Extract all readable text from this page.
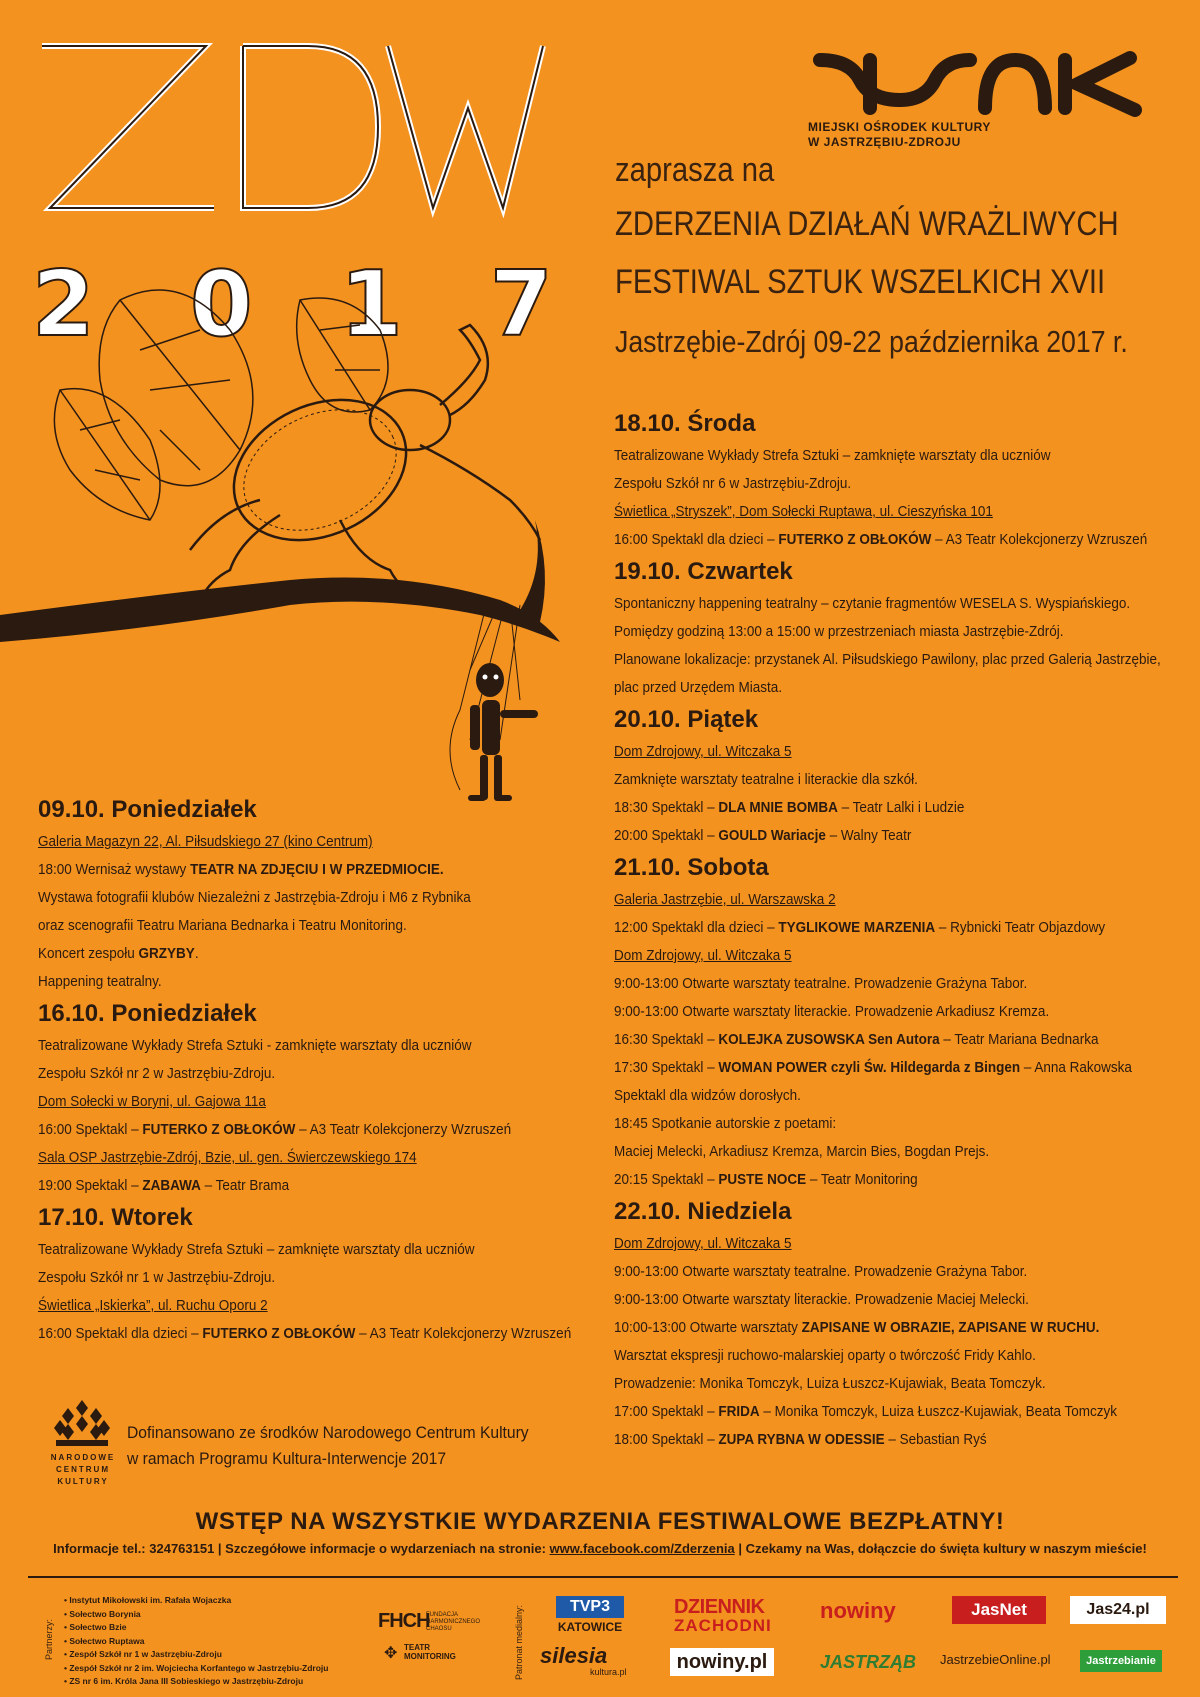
2 0 1 7
MIEJSKI OŚRODEK KULTURY
W JASTRZĘBIU-ZDROJU
zaprasza na
ZDERZENIA DZIAŁAŃ WRAŻLIWYCH
FESTIWAL SZTUK WSZELKICH XVII
Jastrzębie-Zdrój 09-22 października 2017 r.
09.10. Poniedziałek
Galeria Magazyn 22, Al. Piłsudskiego 27 (kino Centrum)
18:00 Wernisaż wystawy TEATR NA ZDJĘCIU I W PRZEDMIOCIE.
Wystawa fotografii klubów Niezależni z Jastrzębia-Zdroju i M6 z Rybnika
oraz scenografii Teatru Mariana Bednarka i Teatru Monitoring.
Koncert zespołu GRZYBY.
Happening teatralny.
16.10. Poniedziałek
Teatralizowane Wykłady Strefa Sztuki - zamknięte warsztaty dla uczniów
Zespołu Szkół nr 2 w Jastrzębiu-Zdroju.
Dom Sołecki w Boryni, ul. Gajowa 11a
16:00 Spektakl – FUTERKO Z OBŁOKÓW – A3 Teatr Kolekcjonerzy Wzruszeń
Sala OSP Jastrzębie-Zdrój, Bzie, ul. gen. Świerczewskiego 174
19:00 Spektakl – ZABAWA – Teatr Brama
17.10. Wtorek
Teatralizowane Wykłady Strefa Sztuki – zamknięte warsztaty dla uczniów
Zespołu Szkół nr 1 w Jastrzębiu-Zdroju.
Świetlica „Iskierka”, ul. Ruchu Oporu 2
16:00 Spektakl dla dzieci – FUTERKO Z OBŁOKÓW – A3 Teatr Kolekcjonerzy Wzruszeń
18.10. Środa
Teatralizowane Wykłady Strefa Sztuki – zamknięte warsztaty dla uczniów
Zespołu Szkół nr 6 w Jastrzębiu-Zdroju.
Świetlica „Stryszek”, Dom Sołecki Ruptawa, ul. Cieszyńska 101
16:00 Spektakl dla dzieci – FUTERKO Z OBŁOKÓW – A3 Teatr Kolekcjonerzy Wzruszeń
19.10. Czwartek
Spontaniczny happening teatralny – czytanie fragmentów WESELA S. Wyspiańskiego.
Pomiędzy godziną 13:00 a 15:00 w przestrzeniach miasta Jastrzębie-Zdrój.
Planowane lokalizacje: przystanek Al. Piłsudskiego Pawilony, plac przed Galerią Jastrzębie,
plac przed Urzędem Miasta.
20.10. Piątek
Dom Zdrojowy, ul. Witczaka 5
Zamknięte warsztaty teatralne i literackie dla szkół.
18:30 Spektakl – DLA MNIE BOMBA – Teatr Lalki i Ludzie
20:00 Spektakl – GOULD Wariacje – Walny Teatr
21.10. Sobota
Galeria Jastrzębie, ul. Warszawska 2
12:00 Spektakl dla dzieci – TYGLIKOWE MARZENIA – Rybnicki Teatr Objazdowy
Dom Zdrojowy, ul. Witczaka 5
9:00-13:00 Otwarte warsztaty teatralne. Prowadzenie Grażyna Tabor.
9:00-13:00 Otwarte warsztaty literackie. Prowadzenie Arkadiusz Kremza.
16:30 Spektakl – KOLEJKA ZUSOWSKA Sen Autora – Teatr Mariana Bednarka
17:30 Spektakl – WOMAN POWER czyli Św. Hildegarda z Bingen – Anna Rakowska
Spektakl dla widzów dorosłych.
18:45 Spotkanie autorskie z poetami:
Maciej Melecki, Arkadiusz Kremza, Marcin Bies, Bogdan Prejs.
20:15 Spektakl – PUSTE NOCE – Teatr Monitoring
22.10. Niedziela
Dom Zdrojowy, ul. Witczaka 5
9:00-13:00 Otwarte warsztaty teatralne. Prowadzenie Grażyna Tabor.
9:00-13:00 Otwarte warsztaty literackie. Prowadzenie Maciej Melecki.
10:00-13:00 Otwarte warsztaty ZAPISANE W OBRAZIE, ZAPISANE W RUCHU.
Warsztat ekspresji ruchowo-malarskiej oparty o twórczość Fridy Kahlo.
Prowadzenie: Monika Tomczyk, Luiza Łuszcz-Kujawiak, Beata Tomczyk.
17:00 Spektakl – FRIDA – Monika Tomczyk, Luiza Łuszcz-Kujawiak, Beata Tomczyk
18:00 Spektakl – ZUPA RYBNA W ODESSIE – Sebastian Ryś
NARODOWE
CENTRUM
KULTURY
Dofinansowano ze środków Narodowego Centrum Kultury
w ramach Programu Kultura-Interwencje 2017
WSTĘP NA WSZYSTKIE WYDARZENIA FESTIWALOWE BEZPŁATNY!
Informacje tel.: 324763151 | Szczegółowe informacje o wydarzeniach na stronie: www.facebook.com/Zderzenia | Czekamy na Was, dołączcie do święta kultury w naszym mieście!
Partnerzy:
• Instytut Mikołowski im. Rafała Wojaczka
• Sołectwo Borynia
• Sołectwo Bzie
• Sołectwo Ruptawa
• Zespół Szkół nr 1 w Jastrzębiu-Zdroju
• Zespół Szkół nr 2 im. Wojciecha Korfantego w Jastrzębiu-Zdroju
• ZS nr 6 im. Króla Jana III Sobieskiego w Jastrzębiu-Zdroju
FHCH
FUNDACJA HARMONICZNEGO CHAOSU
TEATR MONITORING
✥	Patronat medialny:	TVP3
KATOWICE
silesia
kultura.pl
DZIENNIK
ZACHODNI
nowiny.pl
nowiny
JASTRZĄB
JasNet
JastrzebieOnline.pl
Jas24.pl
Jastrzebianie
